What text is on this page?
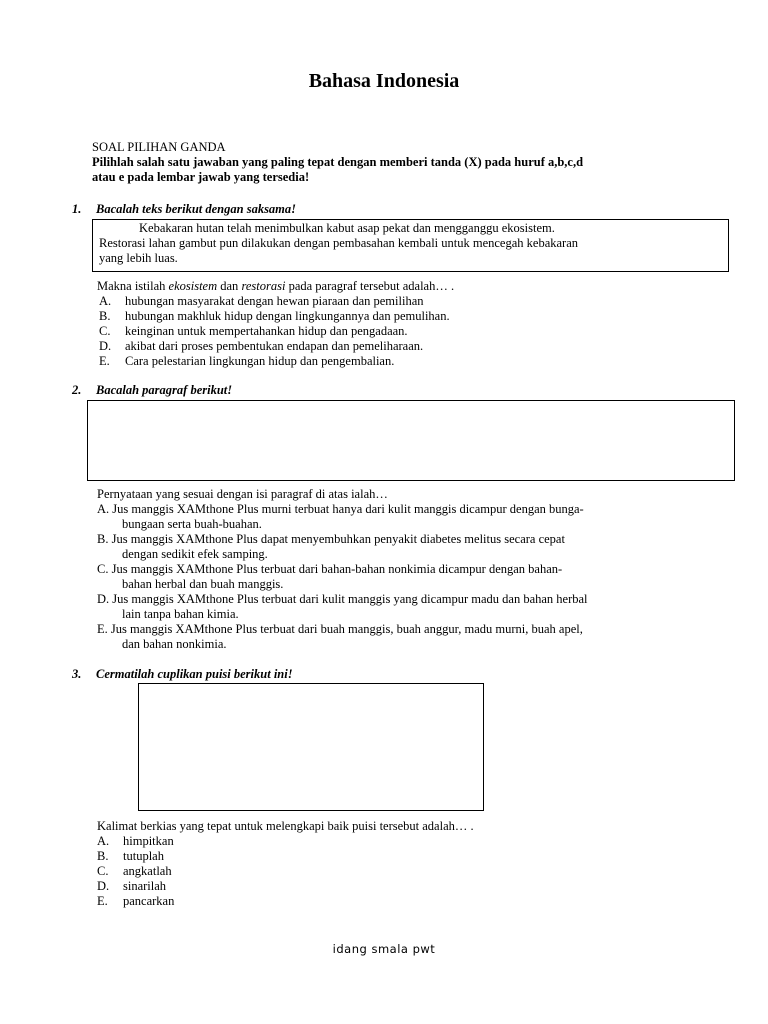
Bahasa Indonesia
SOAL PILIHAN GANDA
Pilihlah salah satu jawaban yang paling tepat dengan memberi tanda (X) pada huruf a,b,c,d
atau e pada lembar jawab yang tersedia!
1. Bacalah teks berikut dengan saksama!

Kebakaran hutan telah menimbulkan kabut asap pekat dan mengganggu ekosistem.

Restorasi lahan gambut pun dilakukan dengan pembasahan kembali untuk mencegah kebakaran

yang lebih luas.

Makna istilah ekosistem dan restorasi pada paragraf tersebut adalah… .
A.	hubungan masyarakat dengan hewan piaraan dan pemilihan
B.	hubungan makhluk hidup dengan lingkungannya dan pemulihan.
C.	keinginan untuk mempertahankan hidup dan pengadaan.
D.	akibat dari proses pembentukan endapan dan pemeliharaan.
E.	Cara pelestarian lingkungan hidup dan pengembalian.
2. Bacalah paragraf berikut!
Pernyataan yang sesuai dengan isi paragraf di atas ialah…
A. Jus manggis XAMthone Plus murni terbuat hanya dari kulit manggis dicampur dengan bunga-
bungaan serta buah-buahan.
B. Jus manggis XAMthone Plus dapat menyembuhkan penyakit diabetes melitus secara cepat
dengan sedikit efek samping.
C. Jus manggis XAMthone Plus terbuat dari bahan-bahan nonkimia dicampur dengan bahan-
bahan herbal dan buah manggis.
D. Jus manggis XAMthone Plus terbuat dari kulit manggis yang dicampur madu dan bahan herbal
lain tanpa bahan kimia.
E. Jus manggis XAMthone Plus terbuat dari buah manggis, buah anggur, madu murni, buah apel,
dan bahan nonkimia.
3. Cermatilah cuplikan puisi berikut ini!
Kalimat berkias yang tepat untuk melengkapi baik puisi tersebut adalah… .
A.	himpitkan
B.	tutuplah
C.	angkatlah
D.	sinarilah
E.	pancarkan
idang smala pwt
